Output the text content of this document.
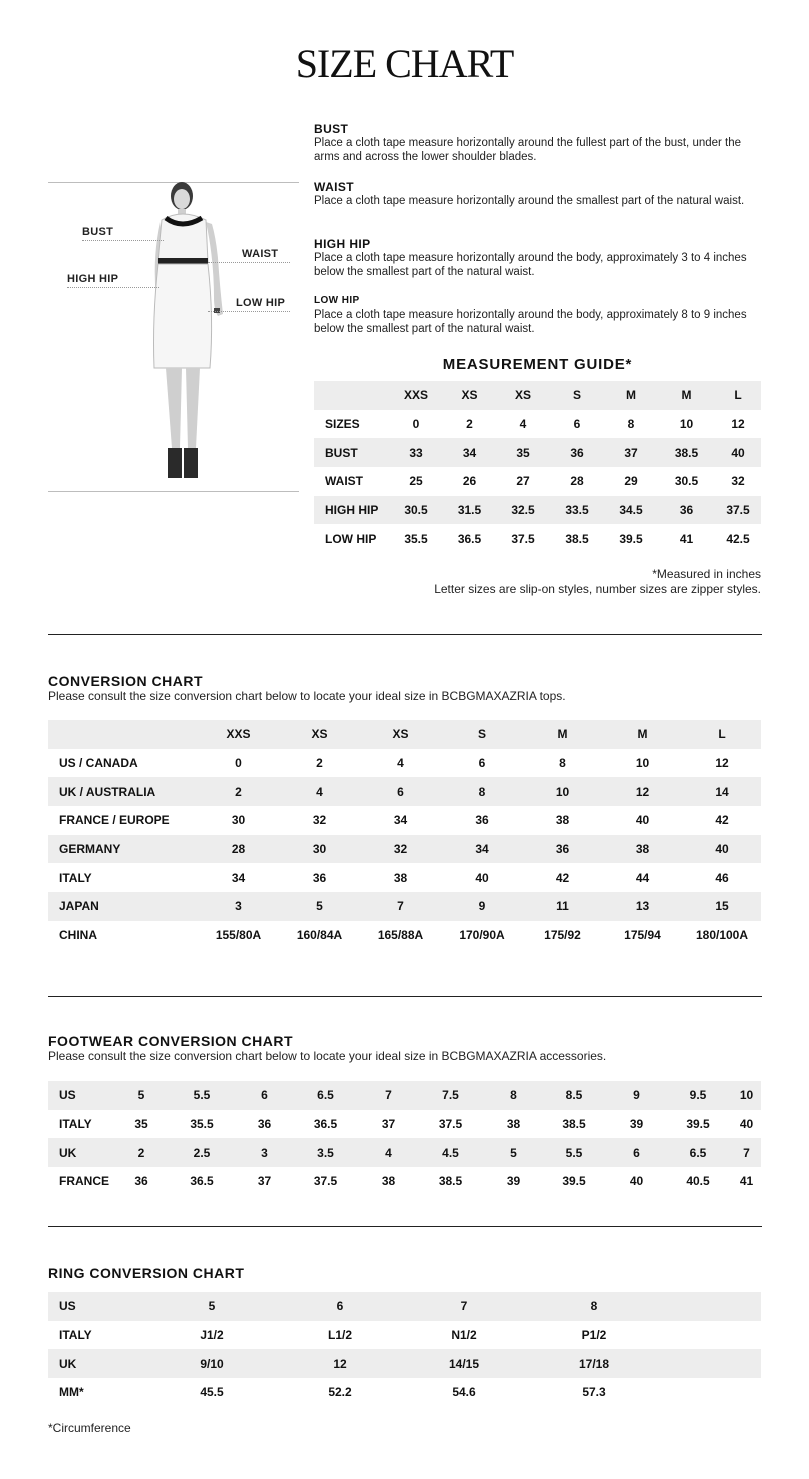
SIZE CHART
BUST
WAIST
HIGH HIP
LOW HIP
BUST

Place a cloth tape measure horizontally around the fullest part of the bust, under the arms and across the lower shoulder blades.

WAIST

Place a cloth tape measure horizontally around the smallest part of the natural waist.

HIGH HIP

Place a cloth tape measure horizontally around the body, approximately 3 to 4 inches below the smallest part of the natural waist.

LOW HIP

Place a cloth tape measure horizontally around the body, approximately 8 to 9 inches below the smallest part of the natural waist.

MEASUREMENT GUIDE*
	XXS	XS	XS	S	M	M	L
SIZES	0	2	4	6	8	10	12
BUST	33	34	35	36	37	38.5	40
WAIST	25	26	27	28	29	30.5	32
HIGH HIP	30.5	31.5	32.5	33.5	34.5	36	37.5
LOW HIP	35.5	36.5	37.5	38.5	39.5	41	42.5
*Measured in inches
Letter sizes are slip-on styles, number sizes are zipper styles.
CONVERSION CHART
Please consult the size conversion chart below to locate your ideal size in BCBGMAXAZRIA tops.
	XXS	XS	XS	S	M	M	L
US / CANADA	0	2	4	6	8	10	12
UK / AUSTRALIA	2	4	6	8	10	12	14
FRANCE / EUROPE	30	32	34	36	38	40	42
GERMANY	28	30	32	34	36	38	40
ITALY	34	36	38	40	42	44	46
JAPAN	3	5	7	9	11	13	15
CHINA	155/80A	160/84A	165/88A	170/90A	175/92	175/94	180/100A
FOOTWEAR CONVERSION CHART
Please consult the size conversion chart below to locate your ideal size in BCBGMAXAZRIA accessories.
US	5	5.5	6	6.5	7	7.5	8	8.5	9	9.5	10
ITALY	35	35.5	36	36.5	37	37.5	38	38.5	39	39.5	40
UK	2	2.5	3	3.5	4	4.5	5	5.5	6	6.5	7
FRANCE	36	36.5	37	37.5	38	38.5	39	39.5	40	40.5	41
RING CONVERSION CHART
US	5	6	7	8	
ITALY	J1/2	L1/2	N1/2	P1/2	
UK	9/10	12	14/15	17/18	
MM*	45.5	52.2	54.6	57.3	
*Circumference
